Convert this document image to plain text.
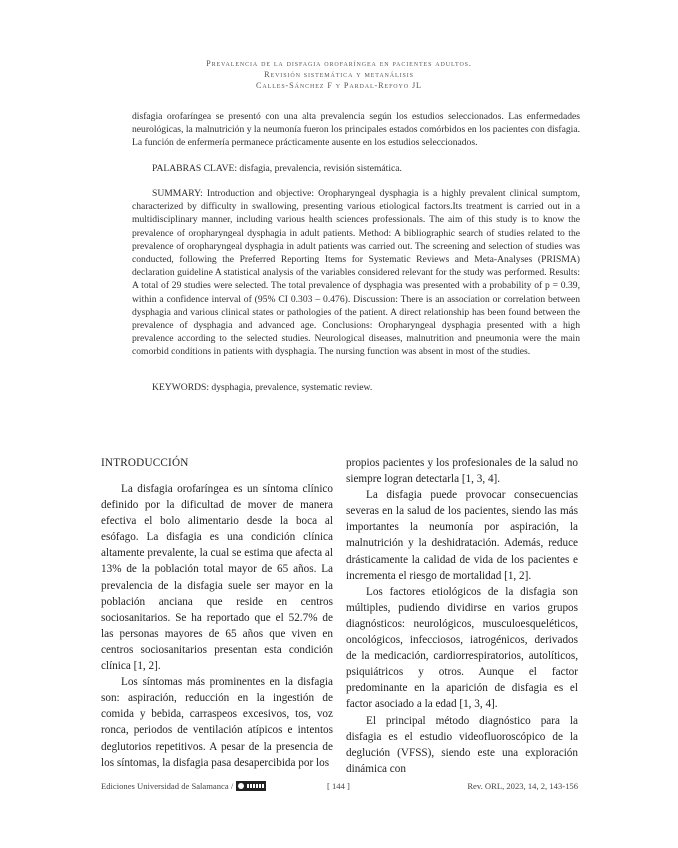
Prevalencia de la disfagia orofaríngea en pacientes adultos.
Revisión sistemática y metanálisis
Calles-Sánchez F y Pardal-Refoyo JL

disfagia orofaríngea se presentó con una alta prevalencia según los estudios seleccionados. Las enfermedades neurológicas, la malnutrición y la neumonía fueron los principales estados comórbidos en los pacientes con disfagia. La función de enfermería permanece prácticamente ausente en los estudios seleccionados.

PALABRAS CLAVE: disfagia, prevalencia, revisión sistemática.

SUMMARY: Introduction and objective: Oropharyngeal dysphagia is a highly prevalent clinical sumptom, characterized by difficulty in swallowing, presenting various etiological factors.Its treatment is carried out in a multidisciplinary manner, including various health sciences professionals. The aim of this study is to know the prevalence of oropharyngeal dysphagia in adult patients. Method: A bibliographic search of studies related to the prevalence of oropharyngeal dysphagia in adult patients was carried out. The screening and selection of studies was conducted, following the Preferred Reporting Items for Systematic Reviews and Meta-Analyses (PRISMA) declaration guideline A statistical analysis of the variables considered relevant for the study was performed. Results: A total of 29 studies were selected. The total prevalence of dysphagia was presented with a probability of p = 0.39, within a confidence interval of (95% CI 0.303 – 0.476). Discussion: There is an association or correlation between dysphagia and various clinical states or pathologies of the patient. A direct relationship has been found between the prevalence of dysphagia and advanced age. Conclusions: Oropharyngeal dysphagia presented with a high prevalence according to the selected studies. Neurological diseases, malnutrition and pneumonia were the main comorbid conditions in patients with dysphagia. The nursing function was absent in most of the studies.

KEYWORDS: dysphagia, prevalence, systematic review.

INTRODUCCIÓN

La disfagia orofaríngea es un síntoma clínico definido por la dificultad de mover de manera efectiva el bolo alimentario desde la boca al esófago. La disfagia es una condición clínica altamente prevalente, la cual se estima que afecta al 13% de la población total mayor de 65 años. La prevalencia de la disfagia suele ser mayor en la población anciana que reside en centros sociosanitarios. Se ha reportado que el 52.7% de las personas mayores de 65 años que viven en centros sociosanitarios presentan esta condición clínica [1, 2].

Los síntomas más prominentes en la disfagia son: aspiración, reducción en la ingestión de comida y bebida, carraspeos excesivos, tos, voz ronca, periodos de ventilación atípicos e intentos deglutorios repetitivos. A pesar de la presencia de los síntomas, la disfagia pasa desapercibida por los

propios pacientes y los profesionales de la salud no siempre logran detectarla [1, 3, 4].

La disfagia puede provocar consecuencias severas en la salud de los pacientes, siendo las más importantes la neumonía por aspiración, la malnutrición y la deshidratación. Además, reduce drásticamente la calidad de vida de los pacientes e incrementa el riesgo de mortalidad [1, 2].

Los factores etiológicos de la disfagia son múltiples, pudiendo dividirse en varios grupos diagnósticos: neurológicos, musculoesqueléticos, oncológicos, infecciosos, iatrogénicos, derivados de la medicación, cardiorrespiratorios, autolíticos, psiquiátricos y otros. Aunque el factor predominante en la aparición de disfagia es el factor asociado a la edad [1, 3, 4].

El principal método diagnóstico para la disfagia es el estudio videofluoroscópico de la deglución (VFSS), siendo este una exploración dinámica con

Ediciones Universidad de Salamanca /	[ 144 ]	Rev. ORL, 2023, 14, 2, 143-156
